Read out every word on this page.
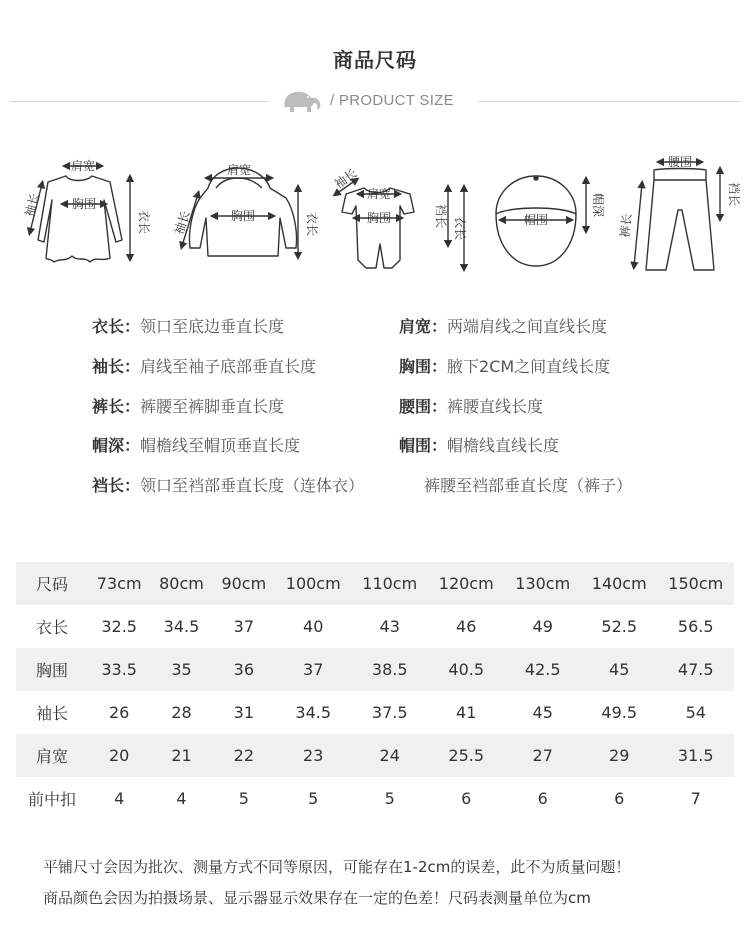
商品尺码
/ PRODUCT SIZE
肩宽
袖长 胸围
衣长
肩宽
袖长	胸围	衣长
袖长
肩宽
胸围	裆长 衣长	帽围
帽深
腰围
裤长
裆长
衣长：领口至底边垂直长度	肩宽：两端肩线之间直线长度
袖长：肩线至袖子底部垂直长度	胸围：腋下2CM之间直线长度
裤长：裤腰至裤脚垂直长度	腰围：裤腰直线长度
帽深：帽檐线至帽顶垂直长度	帽围：帽檐线直线长度
裆长：领口至裆部垂直长度（连体衣）	裤腰至裆部垂直长度（裤子）
尺码	73cm	80cm	90cm	100cm	110cm	120cm	130cm	140cm	150cm
衣长	32.5	34.5	37	40	43	46	49	52.5	56.5
胸围	33.5	35	36	37	38.5	40.5	42.5	45	47.5
袖长	26	28	31	34.5	37.5	41	45	49.5	54
肩宽	20	21	22	23	24	25.5	27	29	31.5
前中扣	4	4	5	5	5	6	6	6	7
平铺尺寸会因为批次、测量方式不同等原因，可能存在1-2cm的误差，此不为质量问题！
商品颜色会因为拍摄场景、显示器显示效果存在一定的色差！尺码表测量单位为cm
